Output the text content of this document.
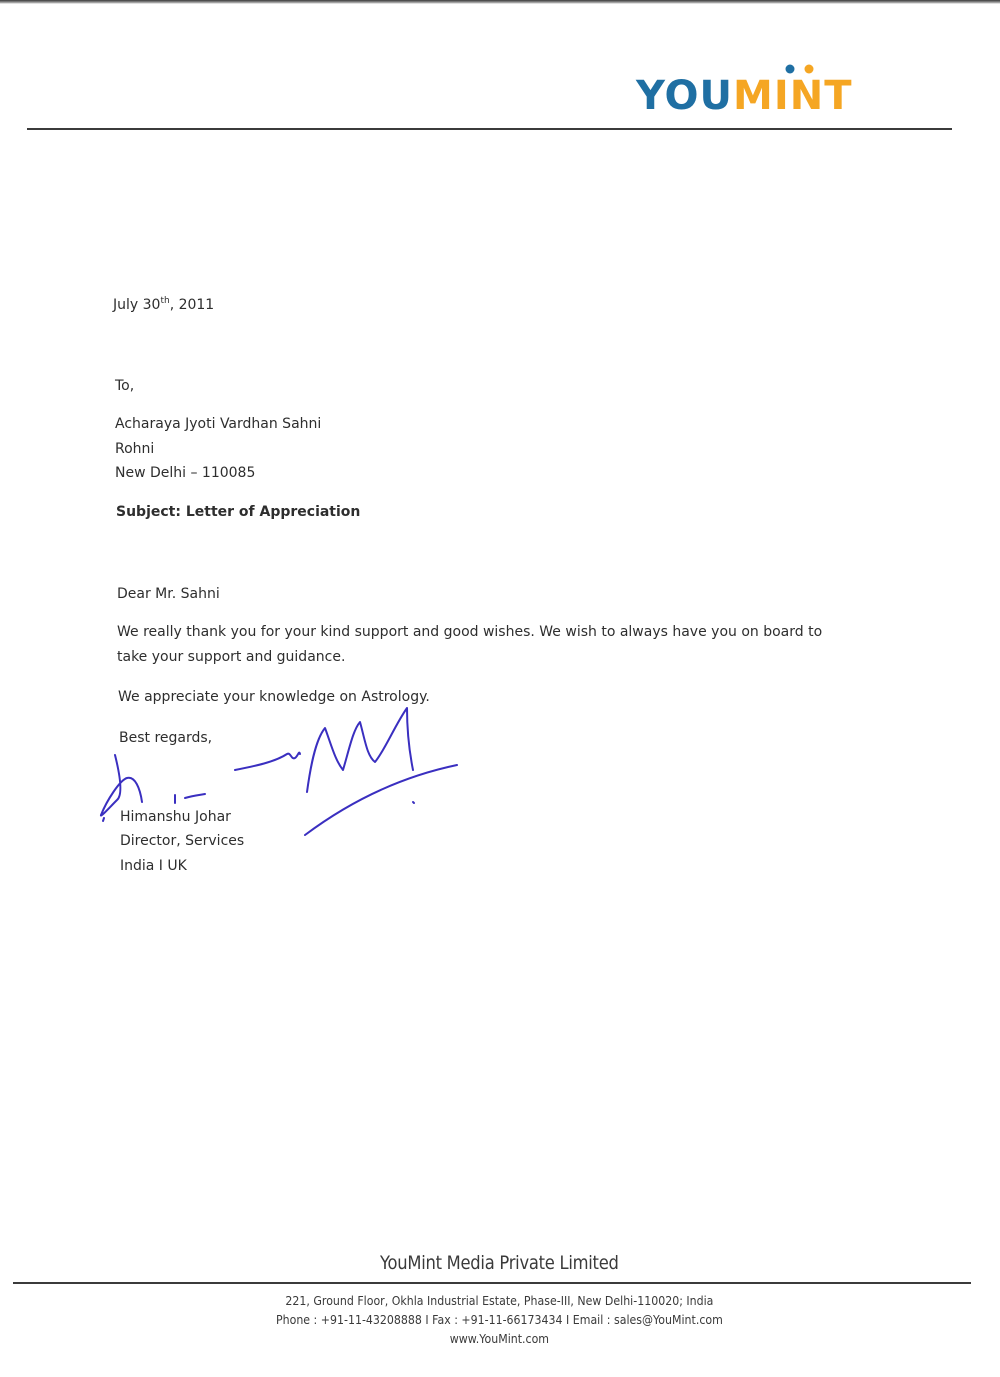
YOUMINT
July 30th, 2011
To,
Acharaya Jyoti Vardhan Sahni
Rohni
New Delhi – 110085
Subject: Letter of Appreciation
Dear Mr. Sahni
We really thank you for your kind support and good wishes. We wish to always have you on board to
take your support and guidance.
We appreciate your knowledge on Astrology.
Best regards,
Himanshu Johar
Director, Services
India I UK
YouMint Media Private Limited
221, Ground Floor, Okhla Industrial Estate, Phase-III, New Delhi-110020; India
Phone : +91-11-43208888 I Fax : +91-11-66173434 I Email : sales@YouMint.com
www.YouMint.com
